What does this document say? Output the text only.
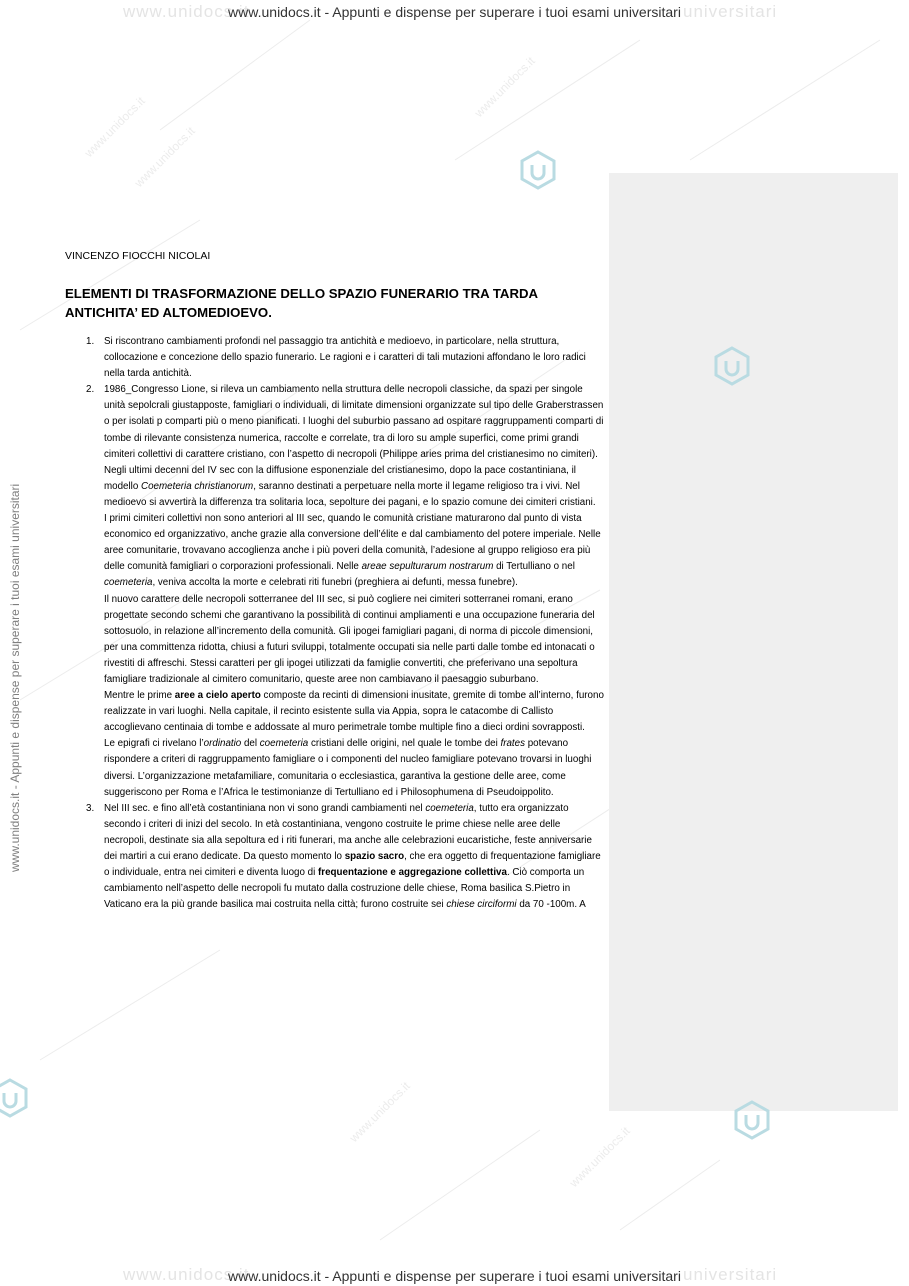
www.unidocs.it	universitari
www.unidocs.it - Appunti e dispense per superare i tuoi esami universitari
www.unidocs.it	universitari
www.unidocs.it - Appunti e dispense per superare i tuoi esami universitari
www.unidocs.it
www.unidocs.it
www.unidocs.it
www.unidocs.it
www.unidocs.it
www.unidocs.it - Appunti e dispense per superare i tuoi esami universitari

VINCENZO FIOCCHI NICOLAI

ELEMENTI DI TRASFORMAZIONE DELLO SPAZIO FUNERARIO TRA TARDA
ANTICHITA’ ED ALTOMEDIOEVO.

1. Si riscontrano cambiamenti profondi nel passaggio tra antichità e medioevo, in particolare, nella struttura, collocazione e concezione dello spazio funerario. Le ragioni e i caratteri di tali mutazioni affondano le loro radici nella tarda antichità.

2. 1986_Congresso Lione, si rileva un cambiamento nella struttura delle necropoli classiche, da spazi per singole unità sepolcrali giustapposte, famigliari o individuali, di limitate dimensioni organizzate sul tipo delle Graberstrassen o per isolati p comparti più o meno pianificati. I luoghi del suburbio passano ad ospitare raggruppamenti comparti di tombe di rilevante consistenza numerica, raccolte e correlate, tra di loro su ample superfici, come primi grandi cimiteri collettivi di carattere cristiano, con l’aspetto di necropoli (Philippe aries prima del cristianesimo no cimiteri).

Negli ultimi decenni del IV sec con la diffusione esponenziale del cristianesimo, dopo la pace costantiniana, il modello Coemeteria christianorum, saranno destinati a perpetuare nella morte il legame religioso tra i vivi. Nel medioevo si avvertirà la differenza tra solitaria loca, sepolture dei pagani, e lo spazio comune dei cimiteri cristiani.

I primi cimiteri collettivi non sono anteriori al III sec, quando le comunità cristiane maturarono dal punto di vista economico ed organizzativo, anche grazie alla conversione dell’élite e dal cambiamento del potere imperiale. Nelle aree comunitarie, trovavano accoglienza anche i più poveri della comunità, l’adesione al gruppo religioso era più delle comunità famigliari o corporazioni professionali. Nelle areae sepulturarum nostrarum di Tertulliano o nel coemeteria, veniva accolta la morte e celebrati riti funebri (preghiera ai defunti, messa funebre).

Il nuovo carattere delle necropoli sotterranee del III sec, si può cogliere nei cimiteri sotterranei romani, erano progettate secondo schemi che garantivano la possibilità di continui ampliamenti e una occupazione funeraria del sottosuolo, in relazione all’incremento della comunità. Gli ipogei famigliari pagani, di norma di piccole dimensioni, per una committenza ridotta, chiusi a futuri sviluppi, totalmente occupati sia nelle parti dalle tombe ed intonacati o rivestiti di affreschi. Stessi caratteri per gli ipogei utilizzati da famiglie convertiti, che preferivano una sepoltura famigliare tradizionale al cimitero comunitario, queste aree non cambiavano il paesaggio suburbano.

Mentre le prime aree a cielo aperto composte da recinti di dimensioni inusitate, gremite di tombe all’interno, furono realizzate in vari luoghi. Nella capitale, il recinto esistente sulla via Appia, sopra le catacombe di Callisto accoglievano centinaia di tombe e addossate al muro perimetrale tombe multiple fino a dieci ordini sovrapposti.

Le epigrafi ci rivelano l’ordinatio del coemeteria cristiani delle origini, nel quale le tombe dei frates potevano rispondere a criteri di raggruppamento famigliare o i componenti del nucleo famigliare potevano trovarsi in luoghi diversi. L’organizzazione metafamiliare, comunitaria o ecclesiastica, garantiva la gestione delle aree, come suggeriscono per Roma e l’Africa le testimonianze di Tertulliano ed i Philosophumena di Pseudoippolito.

3. Nel III sec. e fino all’età costantiniana non vi sono grandi cambiamenti nel coemeteria, tutto era organizzato secondo i criteri di inizi del secolo. In età costantiniana, vengono costruite le prime chiese nelle aree delle necropoli, destinate sia alla sepoltura ed i riti funerari, ma anche alle celebrazioni eucaristiche, feste anniversarie dei martiri a cui erano dedicate. Da questo momento lo spazio sacro, che era oggetto di frequentazione famigliare o individuale, entra nei cimiteri e diventa luogo di frequentazione e aggregazione collettiva. Ciò comporta un cambiamento nell’aspetto delle necropoli fu mutato dalla costruzione delle chiese, Roma basilica S.Pietro in Vaticano era la più grande basilica mai costruita nella città; furono costruite sei chiese circiformi da 70 -100m. A
